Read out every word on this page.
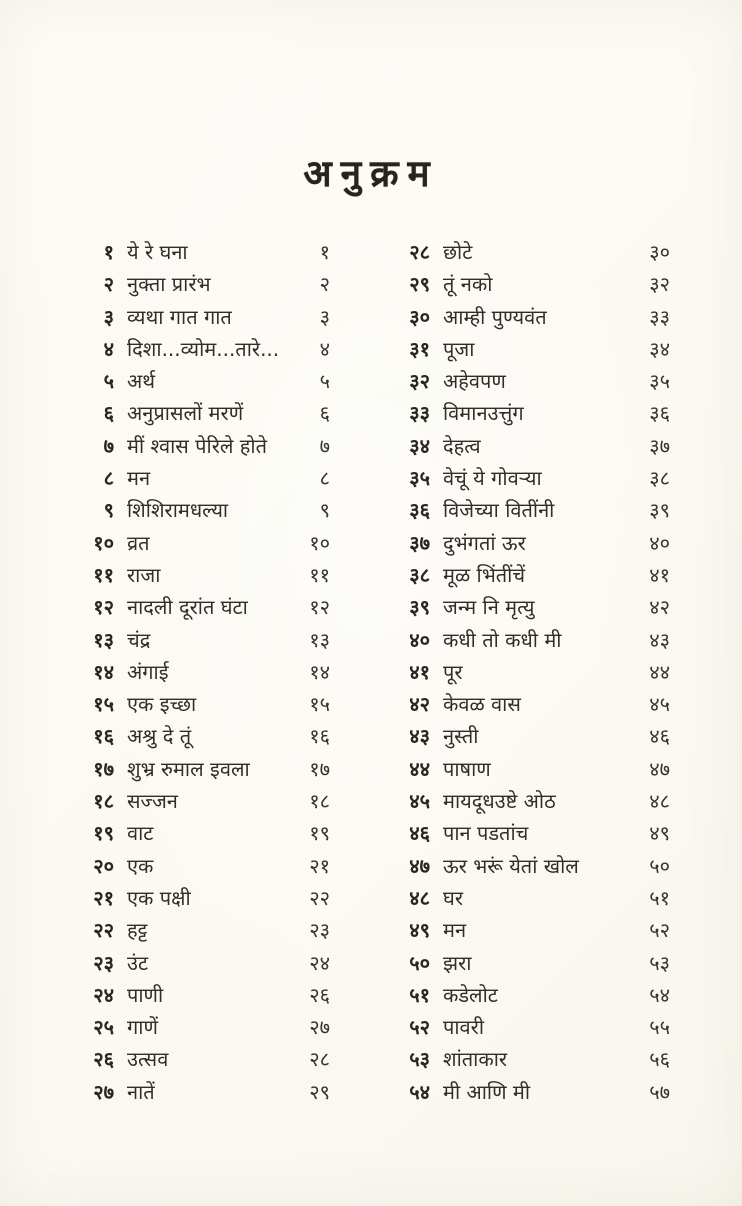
अनुक्रम
१ ये रे घना	१
२ नुक्ता प्रारंभ	२
३ व्यथा गात गात	३
४ दिशा...व्योम...तारे...	४
५ अर्थ	५
६ अनुप्रासलों मरणें	६
७ मीं श्वास पेरिले होते	७
८ मन	८
९ शिशिरामधल्या	९
१० व्रत	१०
११ राजा	११
१२ नादली दूरांत घंटा	१२
१३ चंद्र	१३
१४ अंगाई	१४
१५ एक इच्छा	१५
१६ अश्रु दे तूं	१६
१७ शुभ्र रुमाल इवला	१७
१८ सज्जन	१८
१९ वाट	१९
२० एक	२१
२१ एक पक्षी	२२
२२ हट्ट	२३
२३ उंट	२४
२४ पाणी	२६
२५ गाणें	२७
२६ उत्सव	२८
२७ नातें	२९
२८ छोटे	३०
२९ तूं नको	३२
३० आम्ही पुण्यवंत	३३
३१ पूजा	३४
३२ अहेवपण	३५
३३ विमानउत्तुंग	३६
३४ देहत्व	३७
३५ वेचूं ये गोवऱ्या	३८
३६ विजेच्या वितींनी	३९
३७ दुभंगतां ऊर	४०
३८ मूळ भिंतींचें	४१
३९ जन्म नि मृत्यु	४२
४० कधी तो कधी मी	४३
४१ पूर	४४
४२ केवळ वास	४५
४३ नुस्ती	४६
४४ पाषाण	४७
४५ मायदूधउष्टे ओठ	४८
४६ पान पडतांच	४९
४७ ऊर भरूं येतां खोल	५०
४८ घर	५१
४९ मन	५२
५० झरा	५३
५१ कडेलोट	५४
५२ पावरी	५५
५३ शांताकार	५६
५४ मी आणि मी	५७
